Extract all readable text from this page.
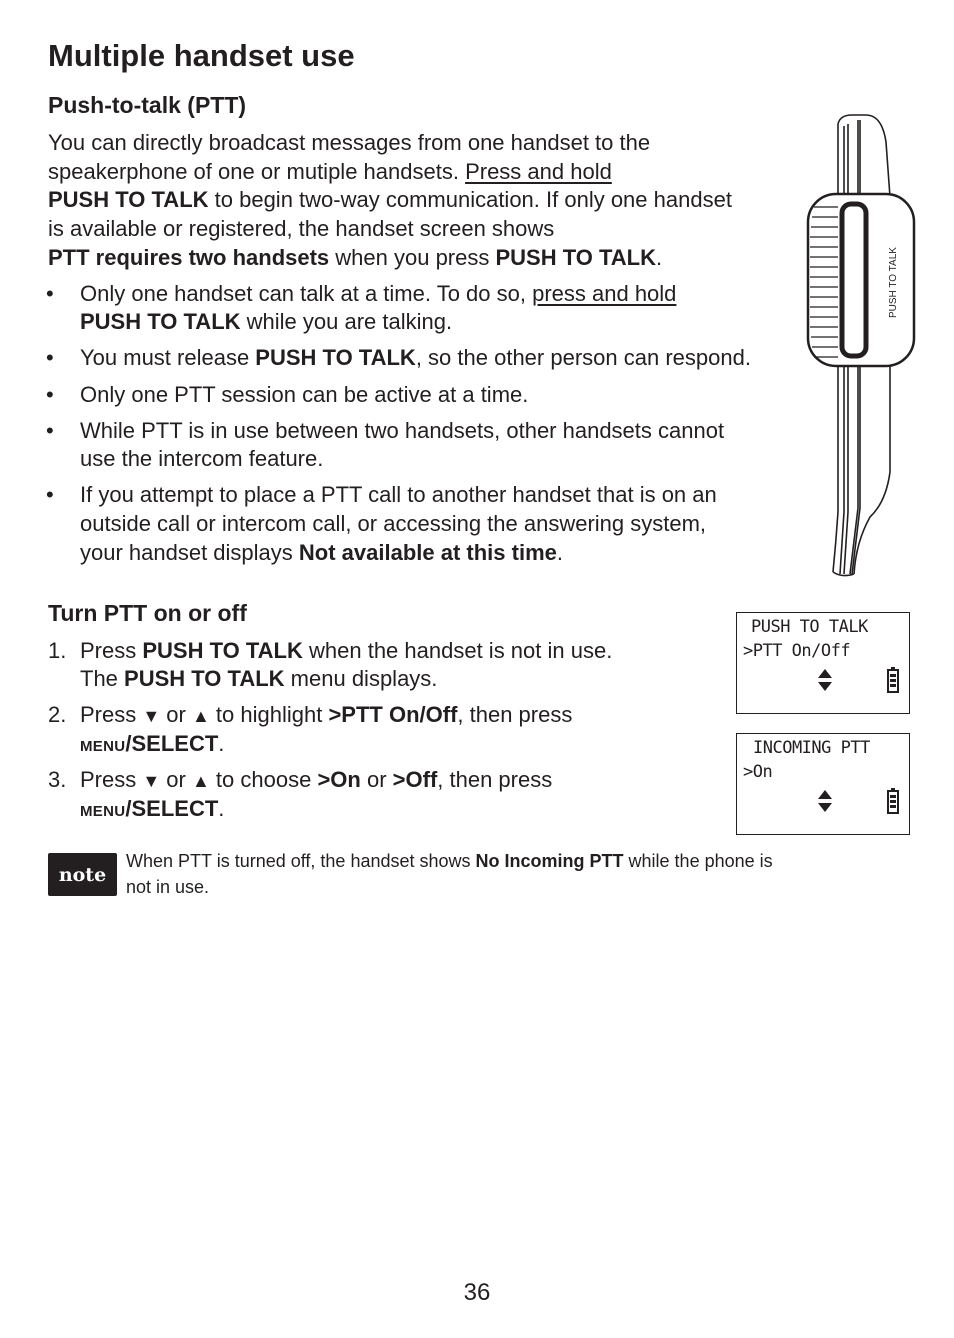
Multiple handset use
Push-to-talk (PTT)
You can directly broadcast messages from one handset to the
speakerphone of one or mutiple handsets. Press and hold
PUSH TO TALK to begin two-way communication. If only one handset
is available or registered, the handset screen shows
PTT requires two handsets when you press PUSH TO TALK.
• Only one handset can talk at a time. To do so, press and hold
PUSH TO TALK while you are talking.
• You must release PUSH TO TALK, so the other person can respond.
• Only one PTT session can be active at a time.
• While PTT is in use between two handsets, other handsets cannot
use the intercom feature.
• If you attempt to place a PTT call to another handset that is on an
outside call or intercom call, or accessing the answering system,
your handset displays Not available at this time.
PUSH TO TALK
Turn PTT on or off
1. Press PUSH TO TALK when the handset is not in use.
The PUSH TO TALK menu displays.
2. Press ▼ or ▲ to highlight >PTT On/Off, then press
MENU/SELECT.
3. Press ▼ or ▲ to choose >On or >Off, then press
MENU/SELECT.
PUSH TO TALK
>PTT On/Off
INCOMING PTT
>On
note
When PTT is turned off, the handset shows No Incoming PTT while the phone is
not in use.
36
